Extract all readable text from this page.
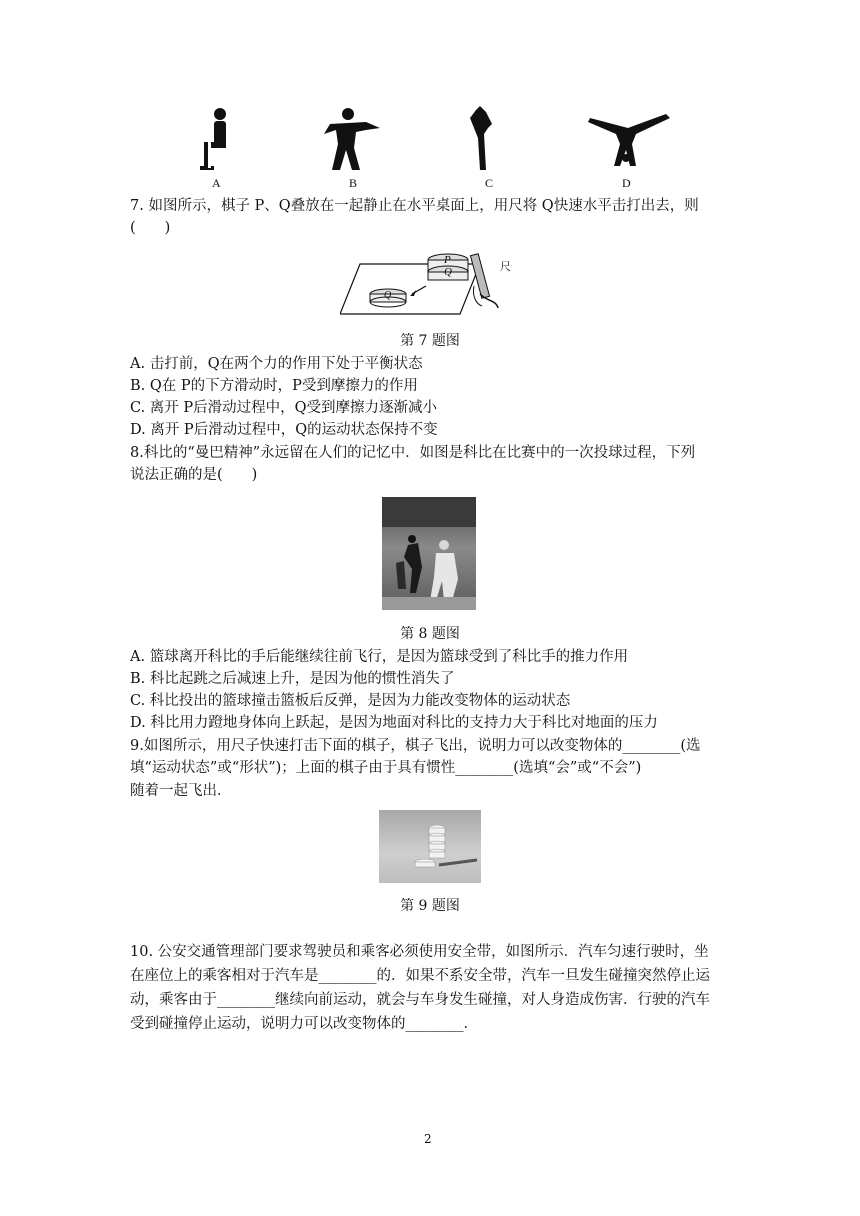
A	B	C	D
7. 如图所示，棋子 P、Q叠放在一起静止在水平桌面上，用尺将 Q快速水平击打出去，则
(　　)
P
Q
Q
尺
第 7 题图
A. 击打前，Q在两个力的作用下处于平衡状态
B. Q在 P的下方滑动时，P受到摩擦力的作用
C. 离开 P后滑动过程中，Q受到摩擦力逐渐减小
D. 离开 P后滑动过程中，Q的运动状态保持不变
8.科比的“曼巴精神”永远留在人们的记忆中．如图是科比在比赛中的一次投球过程，下列
说法正确的是(　　)
第 8 题图
A. 篮球离开科比的手后能继续往前飞行，是因为篮球受到了科比手的推力作用
B. 科比起跳之后减速上升，是因为他的惯性消失了
C. 科比投出的篮球撞击篮板后反弹，是因为力能改变物体的运动状态
D. 科比用力蹬地身体向上跃起，是因为地面对科比的支持力大于科比对地面的压力
9.如图所示，用尺子快速打击下面的棋子，棋子飞出，说明力可以改变物体的________(选
填“运动状态”或“形状”)；上面的棋子由于具有惯性________(选填“会”或“不会”)
随着一起飞出．
第 9 题图
10. 公安交通管理部门要求驾驶员和乘客必须使用安全带，如图所示．汽车匀速行驶时，坐
在座位上的乘客相对于汽车是________的．如果不系安全带，汽车一旦发生碰撞突然停止运
动，乘客由于________继续向前运动，就会与车身发生碰撞，对人身造成伤害．行驶的汽车
受到碰撞停止运动，说明力可以改变物体的________．
2
